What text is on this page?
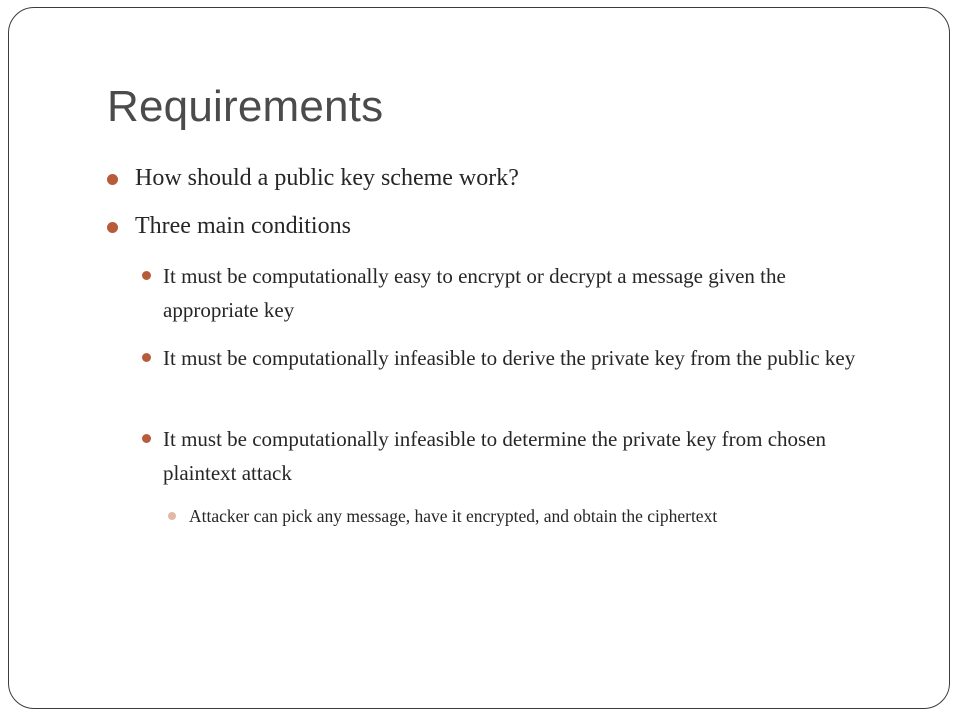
Requirements
How should a public key scheme work?
Three main conditions
It must be computationally easy to encrypt or decrypt a message given the appropriate key
It must be computationally infeasible to derive the private key from the public key
It must be computationally infeasible to determine the private key from chosen plaintext attack
Attacker can pick any message, have it encrypted, and obtain the ciphertext
